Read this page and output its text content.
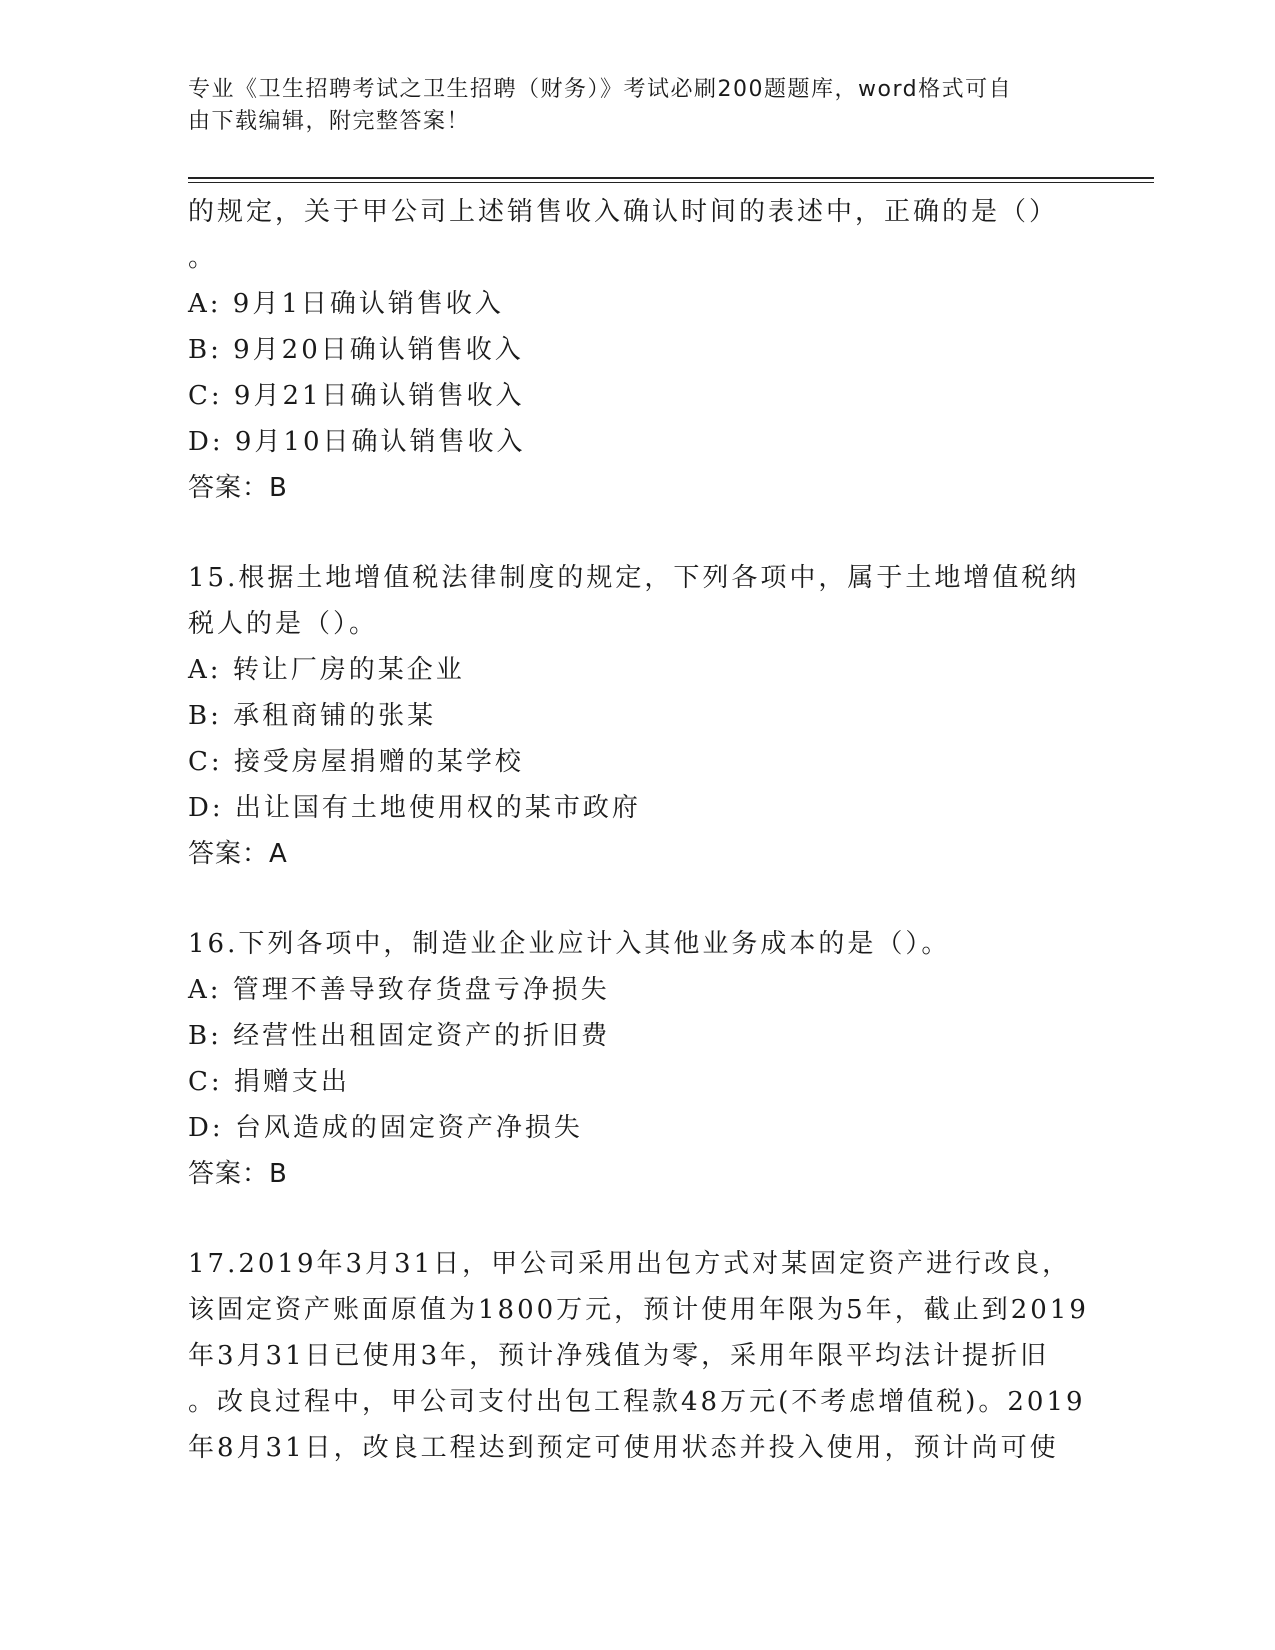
专业《卫生招聘考试之卫生招聘（财务）》考试必刷200题题库，word格式可自
由下载编辑，附完整答案！
的规定，关于甲公司上述销售收入确认时间的表述中，正确的是（）
。
A: 9月1日确认销售收入
B: 9月20日确认销售收入
C: 9月21日确认销售收入
D: 9月10日确认销售收入
答案：B
15.根据土地增值税法律制度的规定，下列各项中，属于土地增值税纳
税人的是（）。
A: 转让厂房的某企业
B: 承租商铺的张某
C: 接受房屋捐赠的某学校
D: 出让国有土地使用权的某市政府
答案：A
16.下列各项中，制造业企业应计入其他业务成本的是（）。
A: 管理不善导致存货盘亏净损失
B: 经营性出租固定资产的折旧费
C: 捐赠支出
D: 台风造成的固定资产净损失
答案：B
17.2019年3月31日，甲公司采用出包方式对某固定资产进行改良，
该固定资产账面原值为1800万元，预计使用年限为5年，截止到2019
年3月31日已使用3年，预计净残值为零，采用年限平均法计提折旧
。改良过程中，甲公司支付出包工程款48万元(不考虑增值税)。2019
年8月31日，改良工程达到预定可使用状态并投入使用，预计尚可使
